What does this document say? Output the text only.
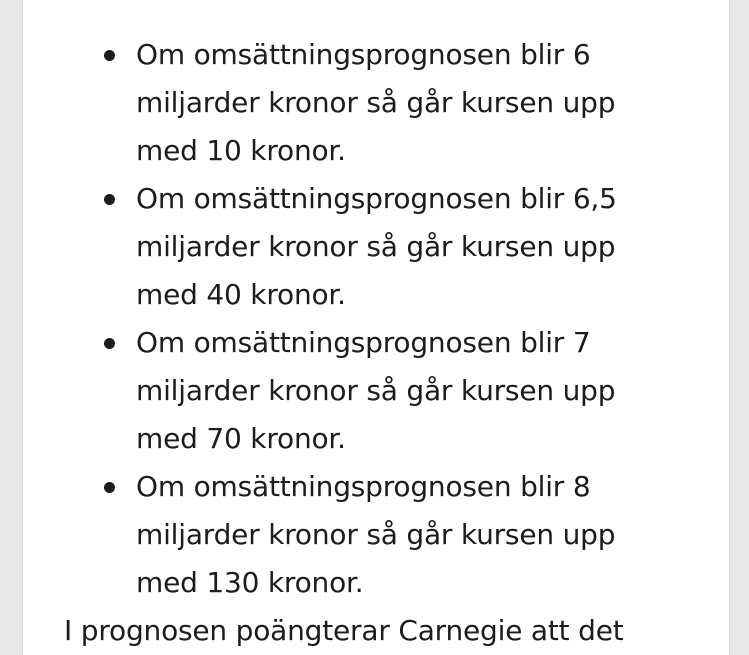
Om omsättningsprognosen blir 6
miljarder kronor så går kursen upp
med 10 kronor.
Om omsättningsprognosen blir 6,5
miljarder kronor så går kursen upp
med 40 kronor.
Om omsättningsprognosen blir 7
miljarder kronor så går kursen upp
med 70 kronor.
Om omsättningsprognosen blir 8
miljarder kronor så går kursen upp
med 130 kronor.

I prognosen poängterar Carnegie att det
